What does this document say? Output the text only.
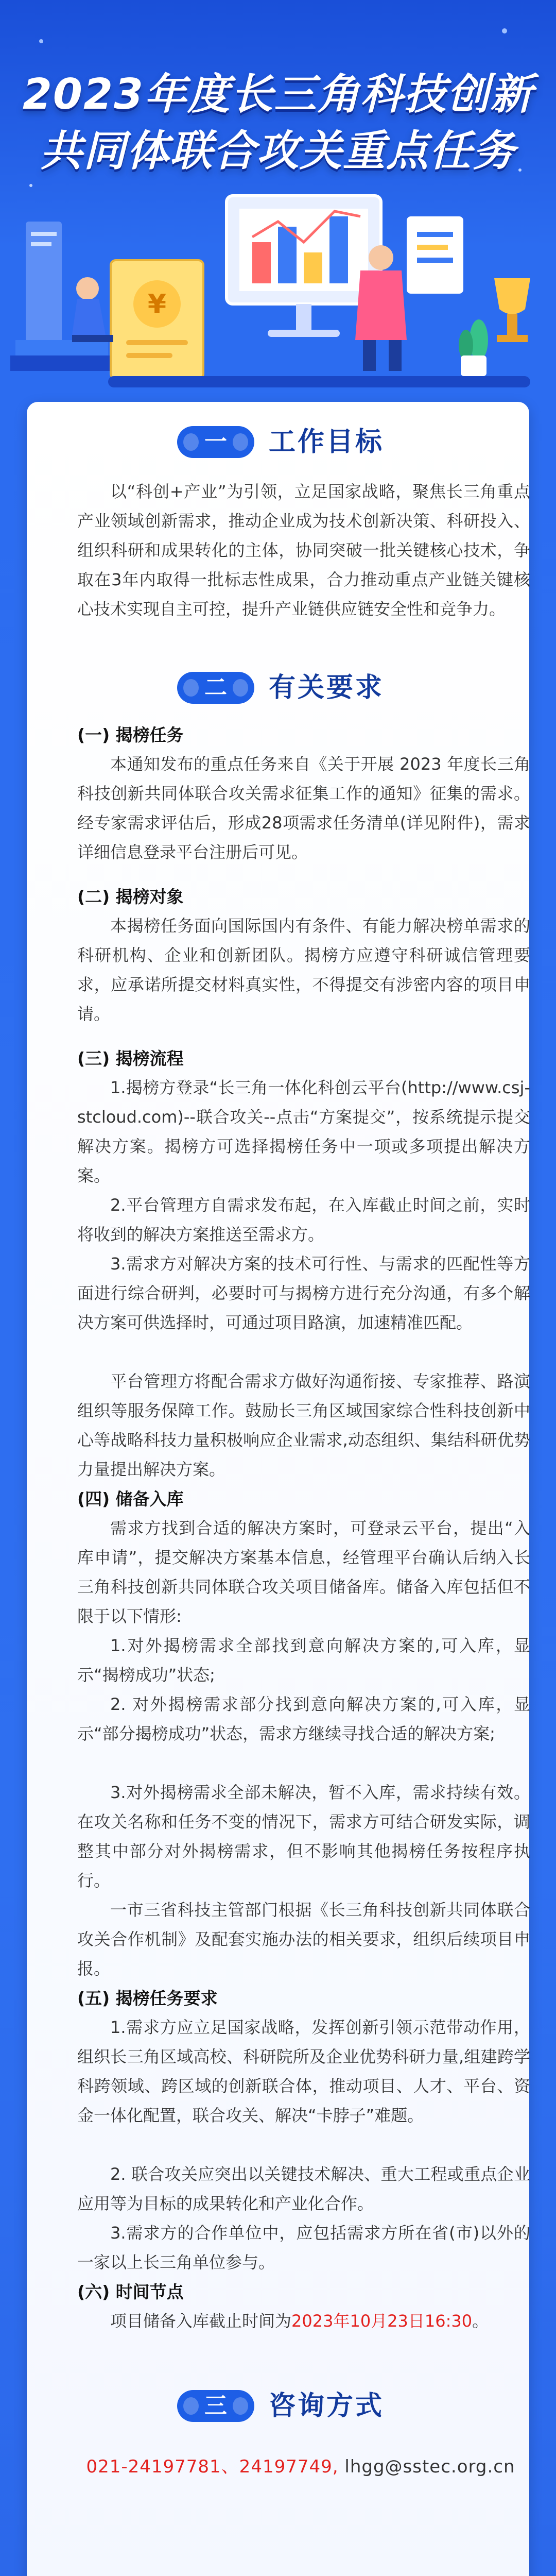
¥
2023年度长三角科技创新
共同体联合攻关重点任务
一	工作目标

以“科创+产业”为引领，立足国家战略，聚焦长三角重点产业领域创新需求，推动企业成为技术创新决策、科研投入、组织科研和成果转化的主体，协同突破一批关键核心技术，争取在3年内取得一批标志性成果，合力推动重点产业链关键核心技术实现自主可控，提升产业链供应链安全性和竞争力。

二	有关要求

(一) 揭榜任务

本通知发布的重点任务来自《关于开展 2023 年度长三角科技创新共同体联合攻关需求征集工作的通知》征集的需求。经专家需求评估后，形成28项需求任务清单(详见附件)，需求详细信息登录平台注册后可见。

(二) 揭榜对象

本揭榜任务面向国际国内有条件、有能力解决榜单需求的科研机构、企业和创新团队。揭榜方应遵守科研诚信管理要求，应承诺所提交材料真实性，不得提交有涉密内容的项目申请。

(三) 揭榜流程

1.揭榜方登录“长三角一体化科创云平台(http://www.csj-stcloud.com)--联合攻关--点击“方案提交”，按系统提示提交解决方案。揭榜方可选择揭榜任务中一项或多项提出解决方案。

2.平台管理方自需求发布起，在入库截止时间之前，实时将收到的解决方案推送至需求方。

3.需求方对解决方案的技术可行性、与需求的匹配性等方面进行综合研判，必要时可与揭榜方进行充分沟通，有多个解决方案可供选择时，可通过项目路演，加速精准匹配。

平台管理方将配合需求方做好沟通衔接、专家推荐、路演组织等服务保障工作。鼓励长三角区域国家综合性科技创新中心等战略科技力量积极响应企业需求,动态组织、集结科研优势力量提出解决方案。

(四) 储备入库

需求方找到合适的解决方案时，可登录云平台，提出“入库申请”，提交解决方案基本信息，经管理平台确认后纳入长三角科技创新共同体联合攻关项目储备库。储备入库包括但不限于以下情形:

1.对外揭榜需求全部找到意向解决方案的,可入库，显示“揭榜成功”状态;

2. 对外揭榜需求部分找到意向解决方案的,可入库，显示“部分揭榜成功”状态，需求方继续寻找合适的解决方案;

3.对外揭榜需求全部未解决，暂不入库，需求持续有效。在攻关名称和任务不变的情况下，需求方可结合研发实际，调整其中部分对外揭榜需求，但不影响其他揭榜任务按程序执行。

一市三省科技主管部门根据《长三角科技创新共同体联合攻关合作机制》及配套实施办法的相关要求，组织后续项目申报。

(五) 揭榜任务要求

1.需求方应立足国家战略，发挥创新引领示范带动作用，组织长三角区域高校、科研院所及企业优势科研力量,组建跨学科跨领域、跨区域的创新联合体，推动项目、人才、平台、资金一体化配置，联合攻关、解决“卡脖子”难题。

2. 联合攻关应突出以关键技术解决、重大工程或重点企业应用等为目标的成果转化和产业化合作。

3.需求方的合作单位中，应包括需求方所在省(市)以外的一家以上长三角单位参与。

(六) 时间节点

项目储备入库截止时间为2023年10月23日16:30。

三	咨询方式
021-24197781、24197749, lhgg@sstec.org.cn
